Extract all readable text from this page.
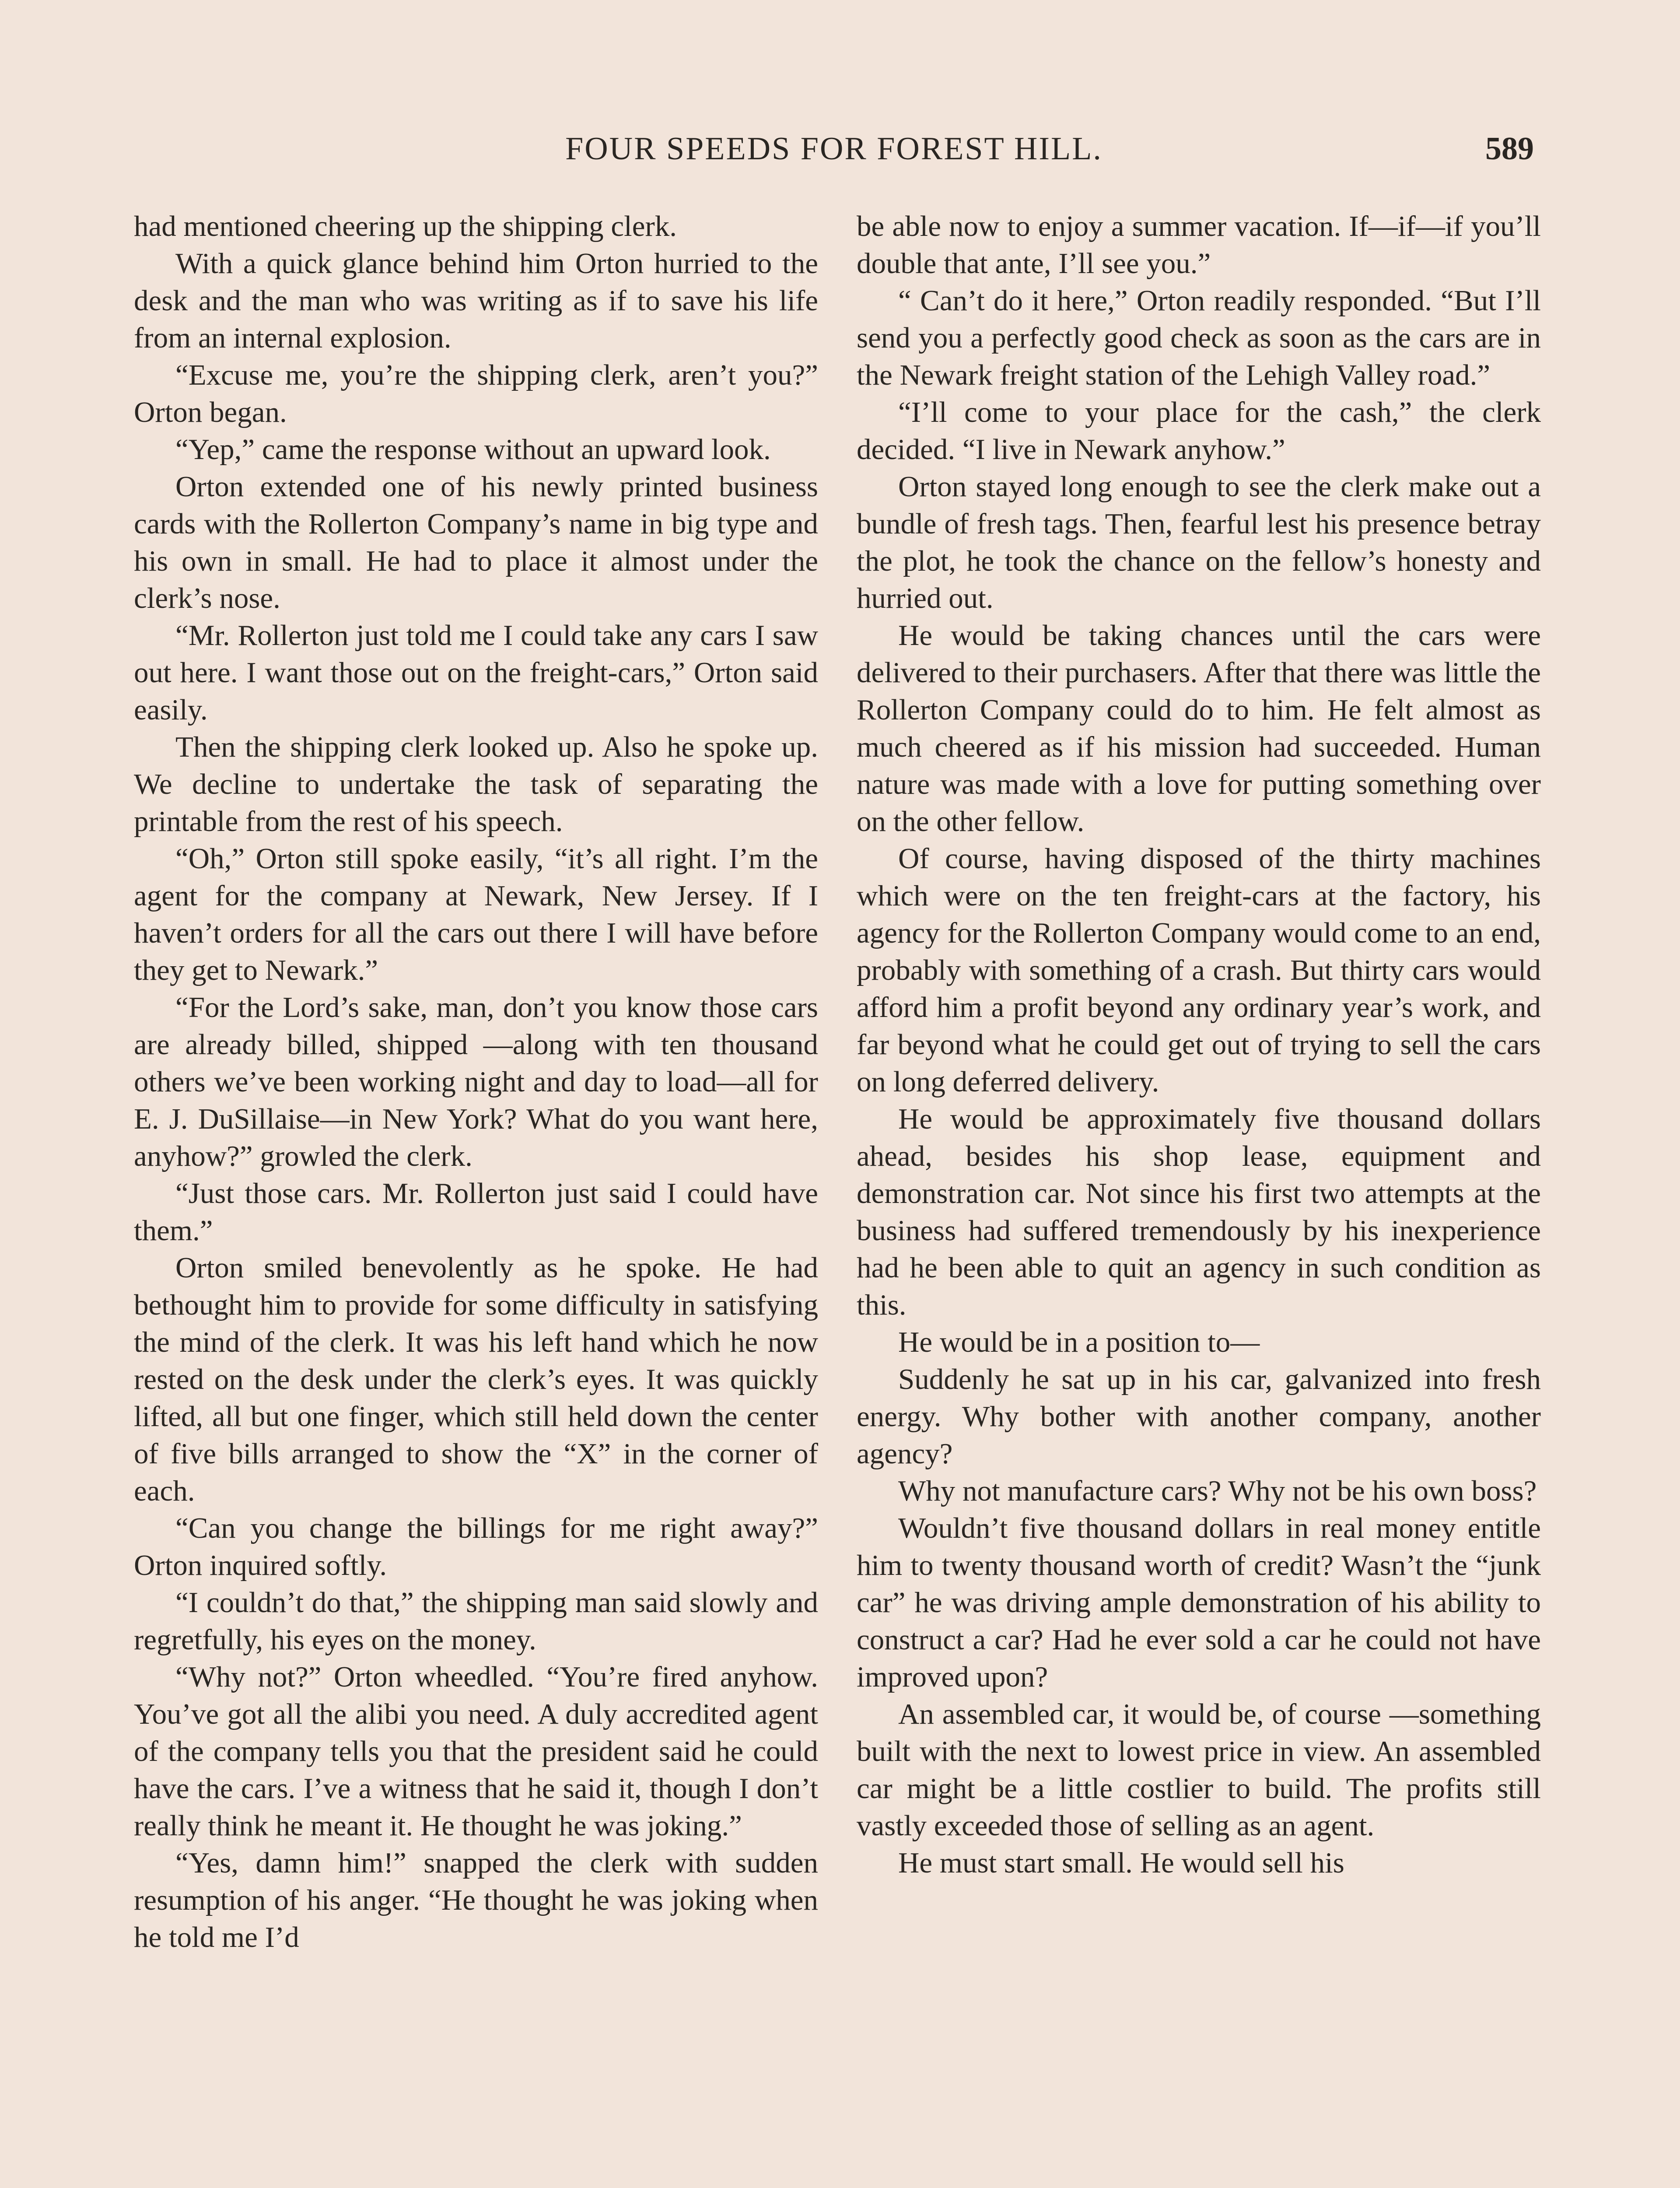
FOUR SPEEDS FOR FOREST HILL.	589

had mentioned cheering up the shipping clerk.

With a quick glance behind him Orton hurried to the desk and the man who was writing as if to save his life from an internal explosion.

“Excuse me, you’re the shipping clerk, aren’t you?” Orton began.

“Yep,” came the response without an upward look.

Orton extended one of his newly printed business cards with the Rollerton Company’s name in big type and his own in small. He had to place it almost under the clerk’s nose.

“Mr. Rollerton just told me I could take any cars I saw out here. I want those out on the freight-cars,” Orton said easily.

Then the shipping clerk looked up. Also he spoke up. We decline to undertake the task of separating the printable from the rest of his speech.

“Oh,” Orton still spoke easily, “it’s all right. I’m the agent for the company at Newark, New Jersey. If I haven’t orders for all the cars out there I will have before they get to Newark.”

“For the Lord’s sake, man, don’t you know those cars are already billed, shipped —along with ten thousand others we’ve been working night and day to load—all for E. J. DuSillaise—in New York? What do you want here, anyhow?” growled the clerk.

“Just those cars. Mr. Rollerton just said I could have them.”

Orton smiled benevolently as he spoke. He had bethought him to provide for some difficulty in satisfying the mind of the clerk. It was his left hand which he now rested on the desk under the clerk’s eyes. It was quickly lifted, all but one finger, which still held down the center of five bills arranged to show the “X” in the corner of each.

“Can you change the billings for me right away?” Orton inquired softly.

“I couldn’t do that,” the shipping man said slowly and regretfully, his eyes on the money.

“Why not?” Orton wheedled. “You’re fired anyhow. You’ve got all the alibi you need. A duly accredited agent of the company tells you that the president said he could have the cars. I’ve a witness that he said it, though I don’t really think he meant it. He thought he was joking.”

“Yes, damn him!” snapped the clerk with sudden resumption of his anger. “He thought he was joking when he told me I’d

be able now to enjoy a summer vacation. If—if—if you’ll double that ante, I’ll see you.”

“ Can’t do it here,” Orton readily responded. “But I’ll send you a perfectly good check as soon as the cars are in the Newark freight station of the Lehigh Valley road.”

“I’ll come to your place for the cash,” the clerk decided. “I live in Newark anyhow.”

Orton stayed long enough to see the clerk make out a bundle of fresh tags. Then, fearful lest his presence betray the plot, he took the chance on the fellow’s honesty and hurried out.

He would be taking chances until the cars were delivered to their purchasers. After that there was little the Rollerton Company could do to him. He felt almost as much cheered as if his mission had succeeded. Human nature was made with a love for putting something over on the other fellow.

Of course, having disposed of the thirty machines which were on the ten freight-cars at the factory, his agency for the Rollerton Company would come to an end, probably with something of a crash. But thirty cars would afford him a profit beyond any ordinary year’s work, and far beyond what he could get out of trying to sell the cars on long deferred delivery.

He would be approximately five thousand dollars ahead, besides his shop lease, equipment and demonstration car. Not since his first two attempts at the business had suffered tremendously by his inexperience had he been able to quit an agency in such condition as this.

He would be in a position to—

Suddenly he sat up in his car, galvanized into fresh energy. Why bother with another company, another agency?

Why not manufacture cars? Why not be his own boss?

Wouldn’t five thousand dollars in real money entitle him to twenty thousand worth of credit? Wasn’t the “junk car” he was driving ample demonstration of his ability to construct a car? Had he ever sold a car he could not have improved upon?

An assembled car, it would be, of course —something built with the next to lowest price in view. An assembled car might be a little costlier to build. The profits still vastly exceeded those of selling as an agent.

He must start small. He would sell his
